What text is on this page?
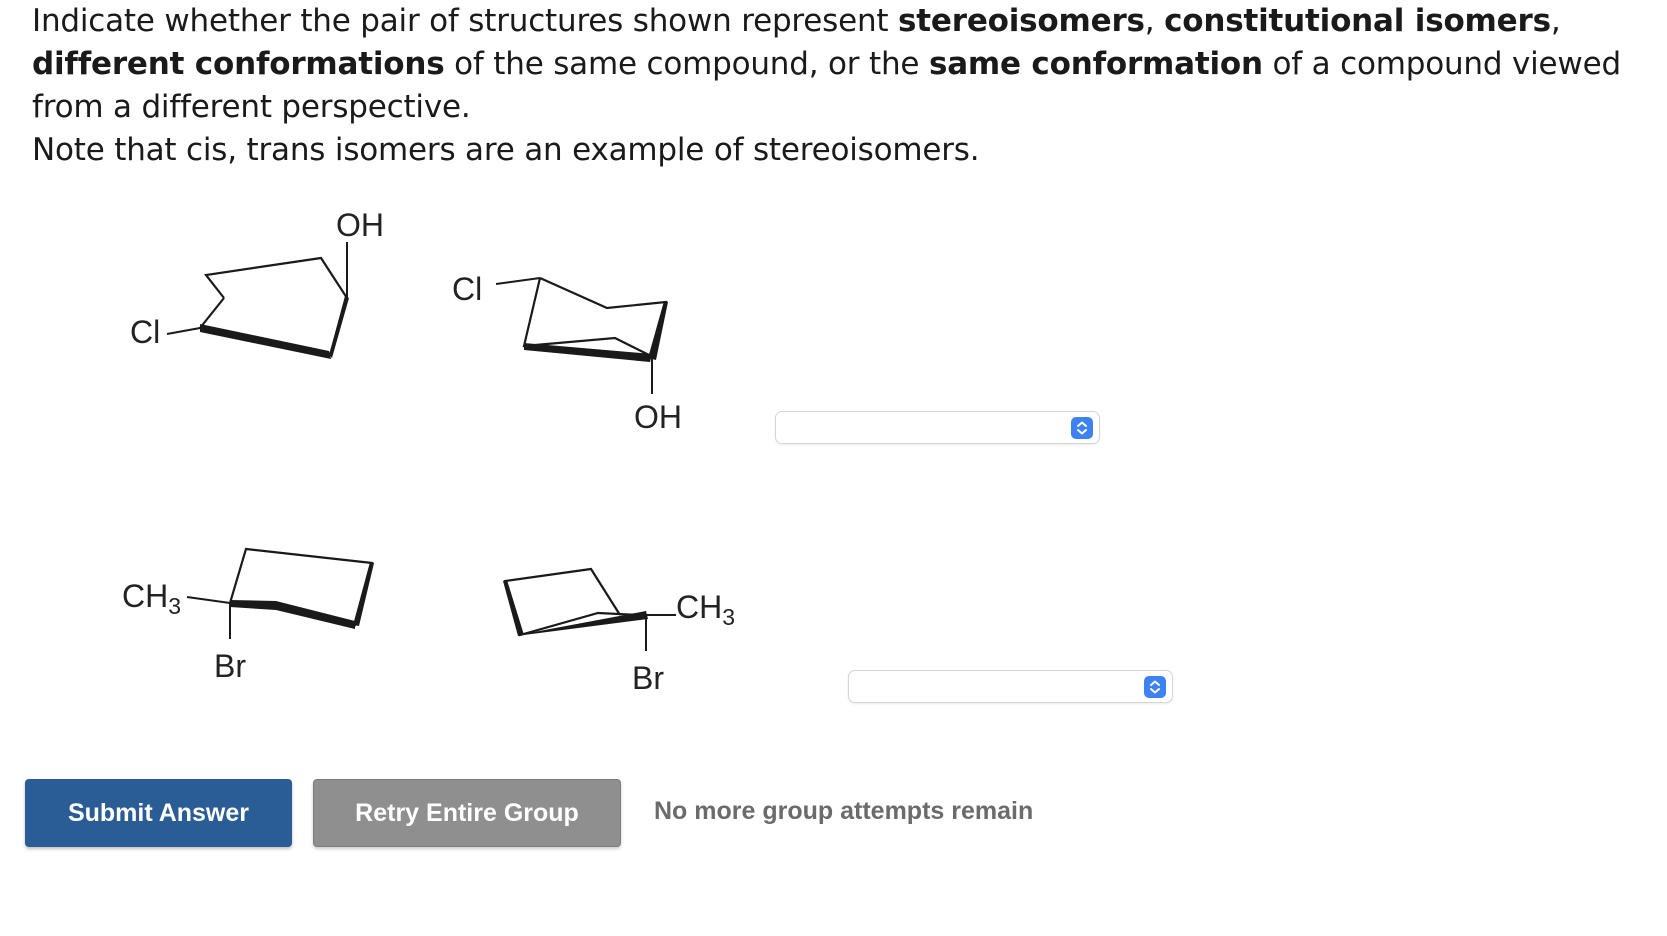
Indicate whether the pair of structures shown represent stereoisomers, constitutional isomers, different conformations of the same compound, or the same conformation of a compound viewed from a different perspective.

Note that cis, trans isomers are an example of stereoisomers.

Cl
OH
Cl
OH
$CH_3$
Br
$CH_3$
Br
Submit Answer	Retry Entire Group	No more group attempts remain
